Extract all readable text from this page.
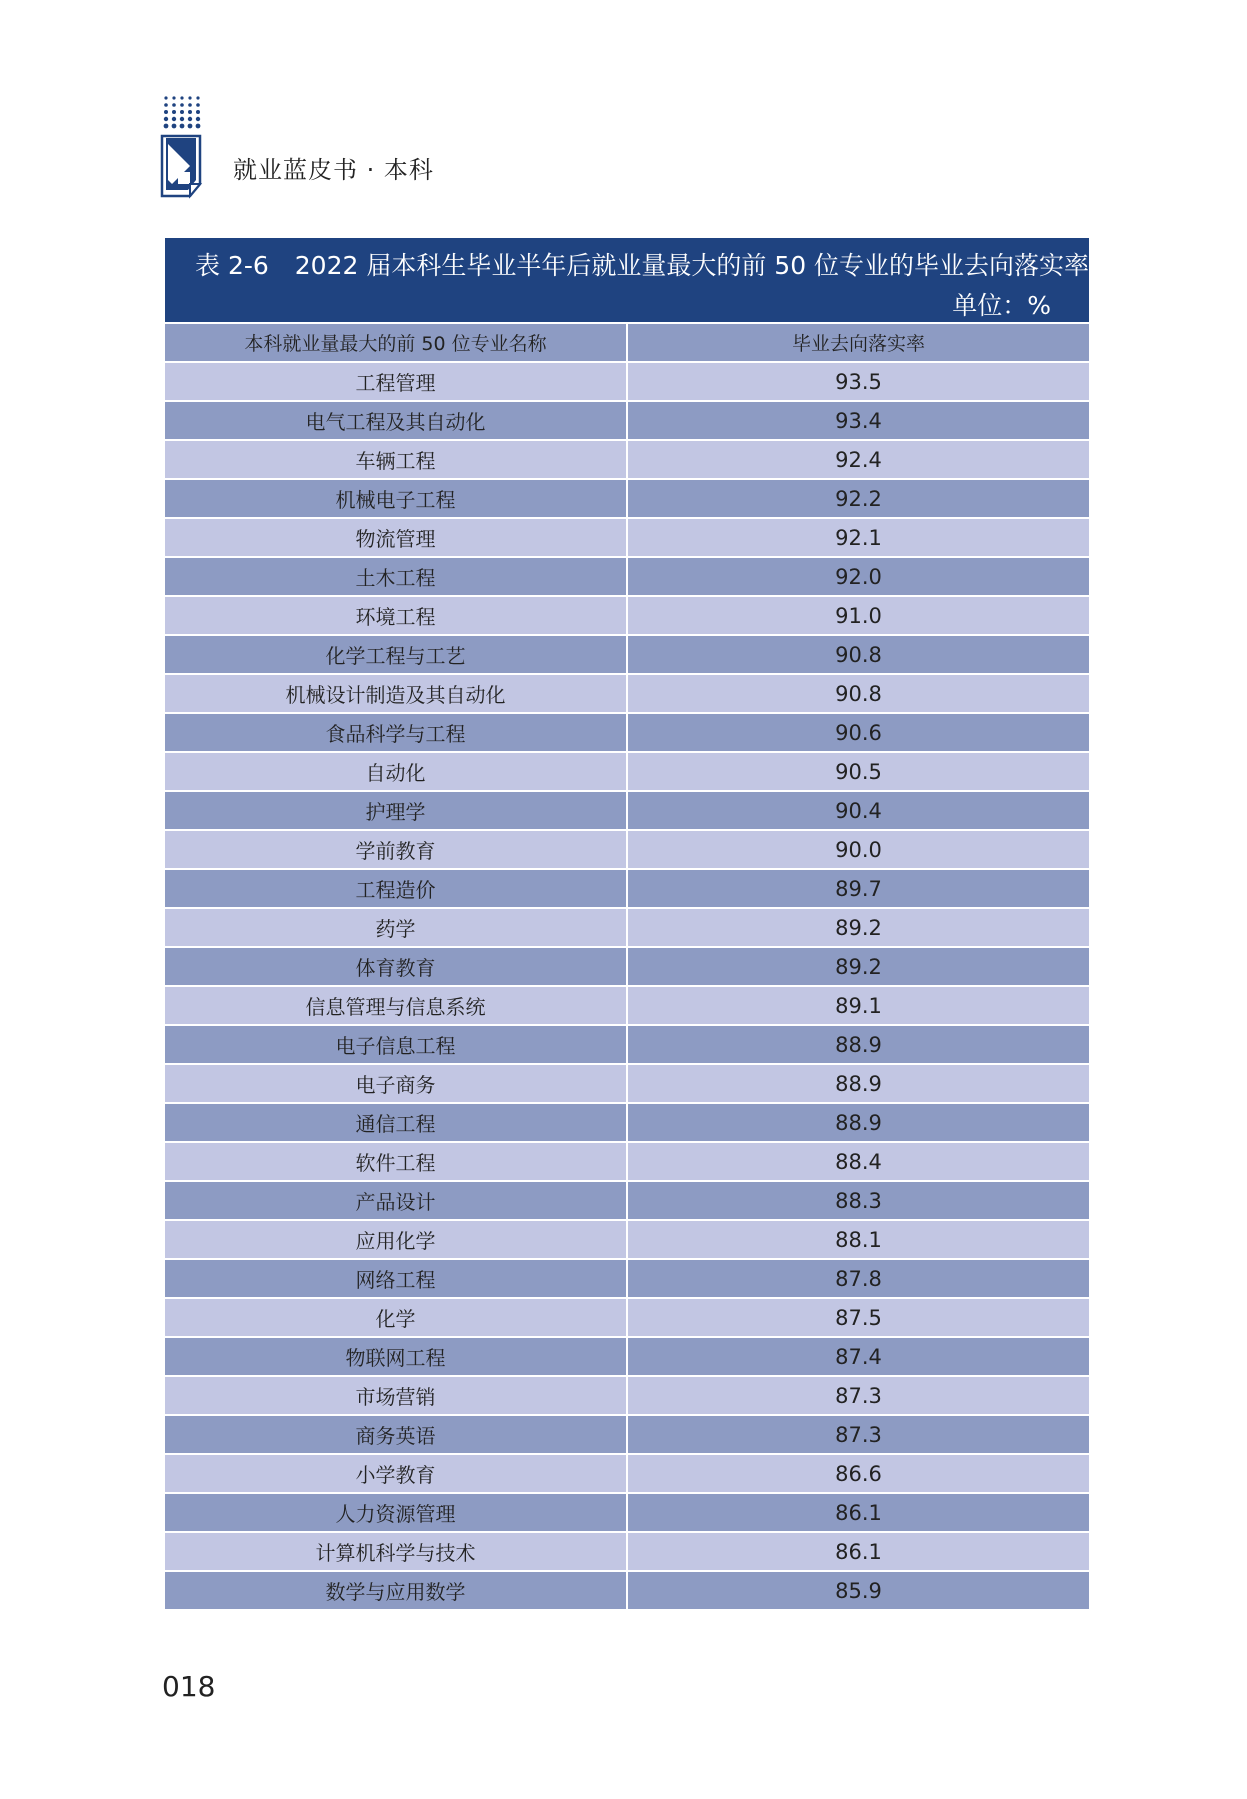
就业蓝皮书 · 本科
表 2-6 2022 届本科生毕业半年后就业量最大的前 50 位专业的毕业去向落实率
单位：%
本科就业量最大的前 50 位专业名称	毕业去向落实率
工程管理	93.5
电气工程及其自动化	93.4
车辆工程	92.4
机械电子工程	92.2
物流管理	92.1
土木工程	92.0
环境工程	91.0
化学工程与工艺	90.8
机械设计制造及其自动化	90.8
食品科学与工程	90.6
自动化	90.5
护理学	90.4
学前教育	90.0
工程造价	89.7
药学	89.2
体育教育	89.2
信息管理与信息系统	89.1
电子信息工程	88.9
电子商务	88.9
通信工程	88.9
软件工程	88.4
产品设计	88.3
应用化学	88.1
网络工程	87.8
化学	87.5
物联网工程	87.4
市场营销	87.3
商务英语	87.3
小学教育	86.6
人力资源管理	86.1
计算机科学与技术	86.1
数学与应用数学	85.9
018
